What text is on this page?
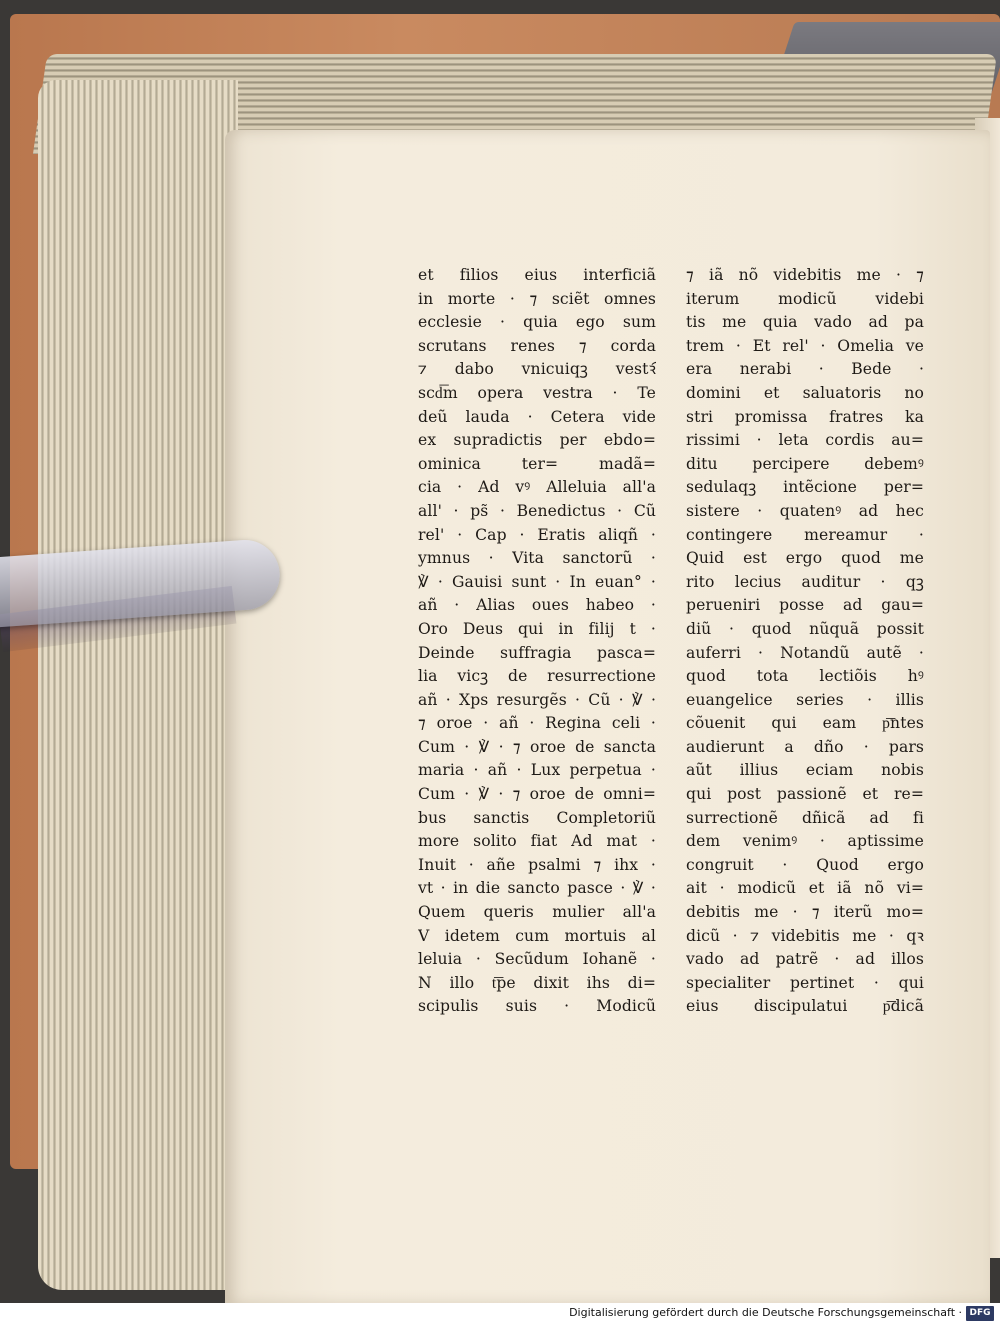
et filios eius interficiã
in morte · ⁊ sciẽt omnes
ecclesie · quia ego sum
scrutans renes ⁊ corda
⁊ dabo vnicuiqꝫ vestꝛ͡
scd͞m opera vestra · Te
deũ lauda · Cetera vide
ex supradictis per ebdo=
ominica ter= madã=
cia · Ad vꝰ Alleluia all'a
all' · ps̃ · Benedictus · Cũ
rel' · Cap · Eratis aliqñ ·
ymnus · Vita sanctorũ ·
℣ · Gauisi sunt · In euan° ·
añ · Alias oues habeo ·
Oro Deus qui in filij t ·
Deinde suffragia pasca=
lia vicꝫ de resurrectione
añ · Xps resurgẽs · Cũ · ℣ ·
⁊ oroe · añ · Regina celi ·
Cum · ℣ · ⁊ oroe de sancta
maria · añ · Lux perpetua ·
Cum · ℣ · ⁊ oroe de omni=
bus sanctis Completoriũ
more solito fiat Ad mat ·
Inuit · añe psalmi ⁊ ihx ·
vt · in die sancto pasce · ℣ ·
Quem queris mulier all'a
V idetem cum mortuis al
leluia · Secũdum Iohanẽ ·
N illo t͞pe dixit ihs di=
scipulis suis · Modicũ
⁊ iã nõ videbitis me · ⁊
iterum modicũ videbi
tis me quia vado ad pa
trem · Et rel' · Omelia ve
era nerabi · Bede ·
domini et saluatoris no
stri promissa fratres ka
rissimi · leta cordis au=
ditu percipere debemꝰ
sedulaqꝫ intẽcione per=
sistere · quatenꝰ ad hec
contingere mereamur ·
Quid est ergo quod me
rito lecius auditur · qꝫ
perueniri posse ad gau=
diũ · quod nũquã possit
auferri · Notandũ autẽ ·
quod tota lectiõis hꝰ
euangelice series · illis
cõuenit qui eam p͞ntes
audierunt a dño · pars
aũt illius eciam nobis
qui post passionẽ et re=
surrectionẽ dñicã ad fi
dem venimꝰ · aptissime
congruit · Quod ergo
ait · modicũ et iã nõ vi=
debitis me · ⁊ iterũ mo=
dicũ · ⁊ videbitis me · qꝛ
vado ad patrẽ · ad illos
specialiter pertinet · qui
eius discipulatui p͞dicã
Digitalisierung gefördert durch die Deutsche Forschungsgemeinschaft · DFG
